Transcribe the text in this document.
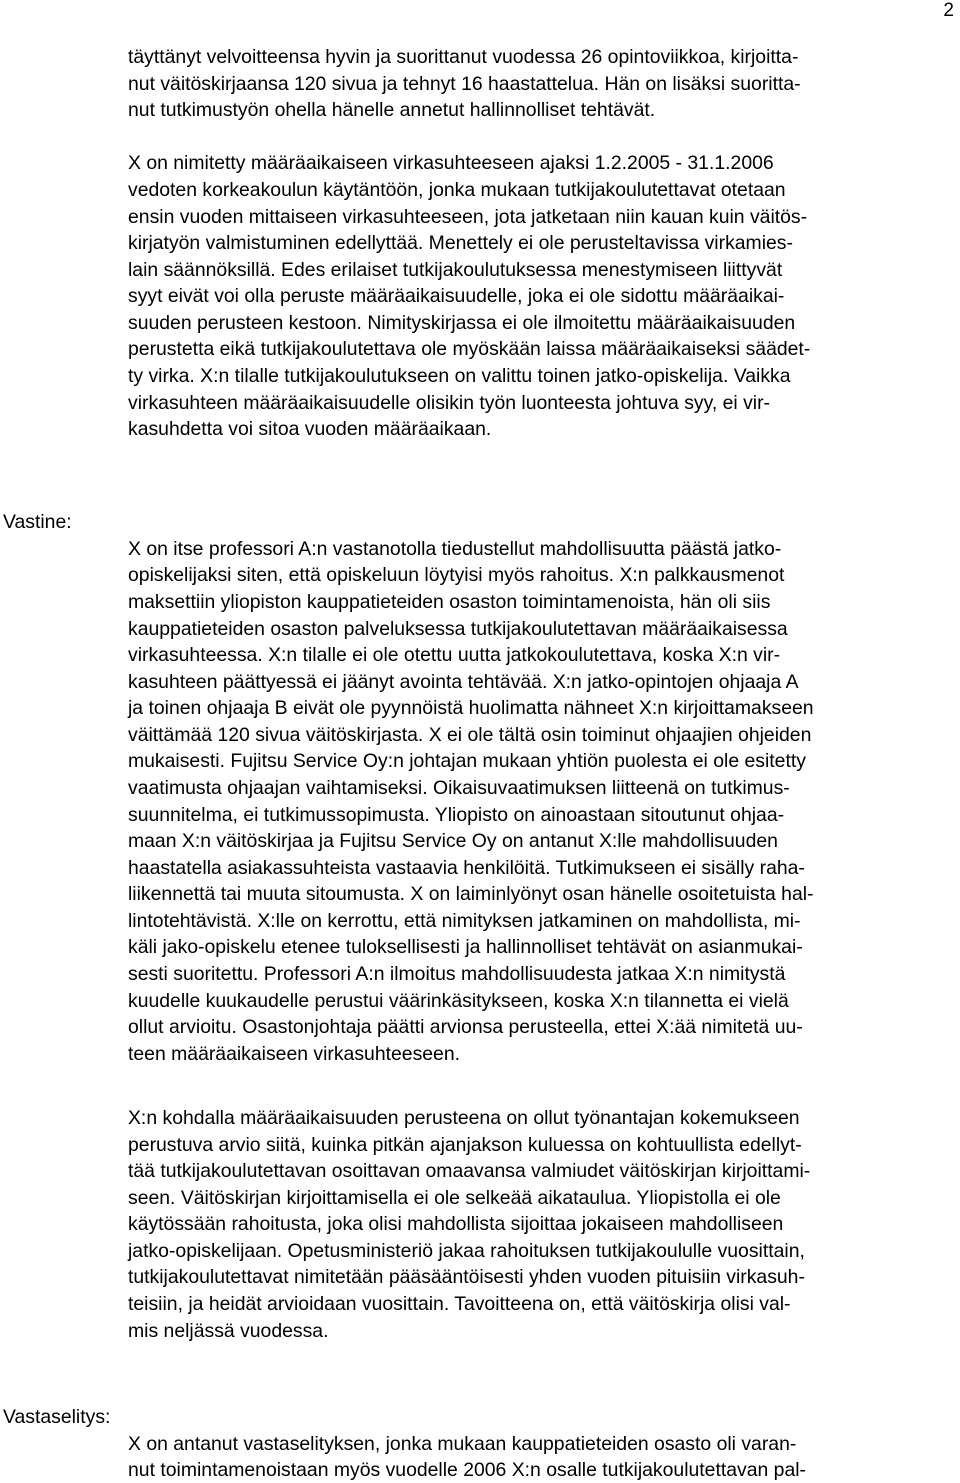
2
täyttänyt velvoitteensa hyvin ja suorittanut vuodessa 26 opintoviikkoa, kirjoitta-
nut väitöskirjaansa 120 sivua ja tehnyt 16 haastattelua. Hän on lisäksi suoritta-
nut tutkimustyön ohella hänelle annetut hallinnolliset tehtävät.
X on nimitetty määräaikaiseen virkasuhteeseen ajaksi 1.2.2005 - 31.1.2006
vedoten korkeakoulun käytäntöön, jonka mukaan tutkijakoulutettavat otetaan
ensin vuoden mittaiseen virkasuhteeseen, jota jatketaan niin kauan kuin väitös-
kirjatyön valmistuminen edellyttää. Menettely ei ole perusteltavissa virkamies-
lain säännöksillä. Edes erilaiset tutkijakoulutuksessa menestymiseen liittyvät
syyt eivät voi olla peruste määräaikaisuudelle, joka ei ole sidottu määräaikai-
suuden perusteen kestoon. Nimityskirjassa ei ole ilmoitettu määräaikaisuuden
perustetta eikä tutkijakoulutettava ole myöskään laissa määräaikaiseksi säädet-
ty virka. X:n tilalle tutkijakoulutukseen on valittu toinen jatko-opiskelija. Vaikka
virkasuhteen määräaikaisuudelle olisikin työn luonteesta johtuva syy, ei vir-
kasuhdetta voi sitoa vuoden määräaikaan.
Vastine:
X on itse professori A:n vastanotolla tiedustellut mahdollisuutta päästä jatko-
opiskelijaksi siten, että opiskeluun löytyisi myös rahoitus. X:n palkkausmenot
maksettiin yliopiston kauppatieteiden osaston toimintamenoista, hän oli siis
kauppatieteiden osaston palveluksessa tutkijakoulutettavan määräaikaisessa
virkasuhteessa. X:n tilalle ei ole otettu uutta jatkokoulutettava, koska X:n vir-
kasuhteen päättyessä ei jäänyt avointa tehtävää. X:n jatko-opintojen ohjaaja A
ja toinen ohjaaja B eivät ole pyynnöistä huolimatta nähneet X:n kirjoittamakseen
väittämää 120 sivua väitöskirjasta. X ei ole tältä osin toiminut ohjaajien ohjeiden
mukaisesti. Fujitsu Service Oy:n johtajan mukaan yhtiön puolesta ei ole esitetty
vaatimusta ohjaajan vaihtamiseksi. Oikaisuvaatimuksen liitteenä on tutkimus-
suunnitelma, ei tutkimussopimusta. Yliopisto on ainoastaan sitoutunut ohjaa-
maan X:n väitöskirjaa ja Fujitsu Service Oy on antanut X:lle mahdollisuuden
haastatella asiakassuhteista vastaavia henkilöitä. Tutkimukseen ei sisälly raha-
liikennettä tai muuta sitoumusta. X on laiminlyönyt osan hänelle osoitetuista hal-
lintotehtävistä. X:lle on kerrottu, että nimityksen jatkaminen on mahdollista, mi-
käli jako-opiskelu etenee tuloksellisesti ja hallinnolliset tehtävät on asianmukai-
sesti suoritettu. Professori A:n ilmoitus mahdollisuudesta jatkaa X:n nimitystä
kuudelle kuukaudelle perustui väärinkäsitykseen, koska X:n tilannetta ei vielä
ollut arvioitu. Osastonjohtaja päätti arvionsa perusteella, ettei X:ää nimitetä uu-
teen määräaikaiseen virkasuhteeseen.
X:n kohdalla määräaikaisuuden perusteena on ollut työnantajan kokemukseen
perustuva arvio siitä, kuinka pitkän ajanjakson kuluessa on kohtuullista edellyt-
tää tutkijakoulutettavan osoittavan omaavansa valmiudet väitöskirjan kirjoittami-
seen. Väitöskirjan kirjoittamisella ei ole selkeää aikataulua. Yliopistolla ei ole
käytössään rahoitusta, joka olisi mahdollista sijoittaa jokaiseen mahdolliseen
jatko-opiskelijaan. Opetusministeriö jakaa rahoituksen tutkijakoululle vuosittain,
tutkijakoulutettavat nimitetään pääsääntöisesti yhden vuoden pituisiin virkasuh-
teisiin, ja heidät arvioidaan vuosittain. Tavoitteena on, että väitöskirja olisi val-
mis neljässä vuodessa.
Vastaselitys:
X on antanut vastaselityksen, jonka mukaan kauppatieteiden osasto oli varan-
nut toimintamenoistaan myös vuodelle 2006 X:n osalle tutkijakoulutettavan pal-
